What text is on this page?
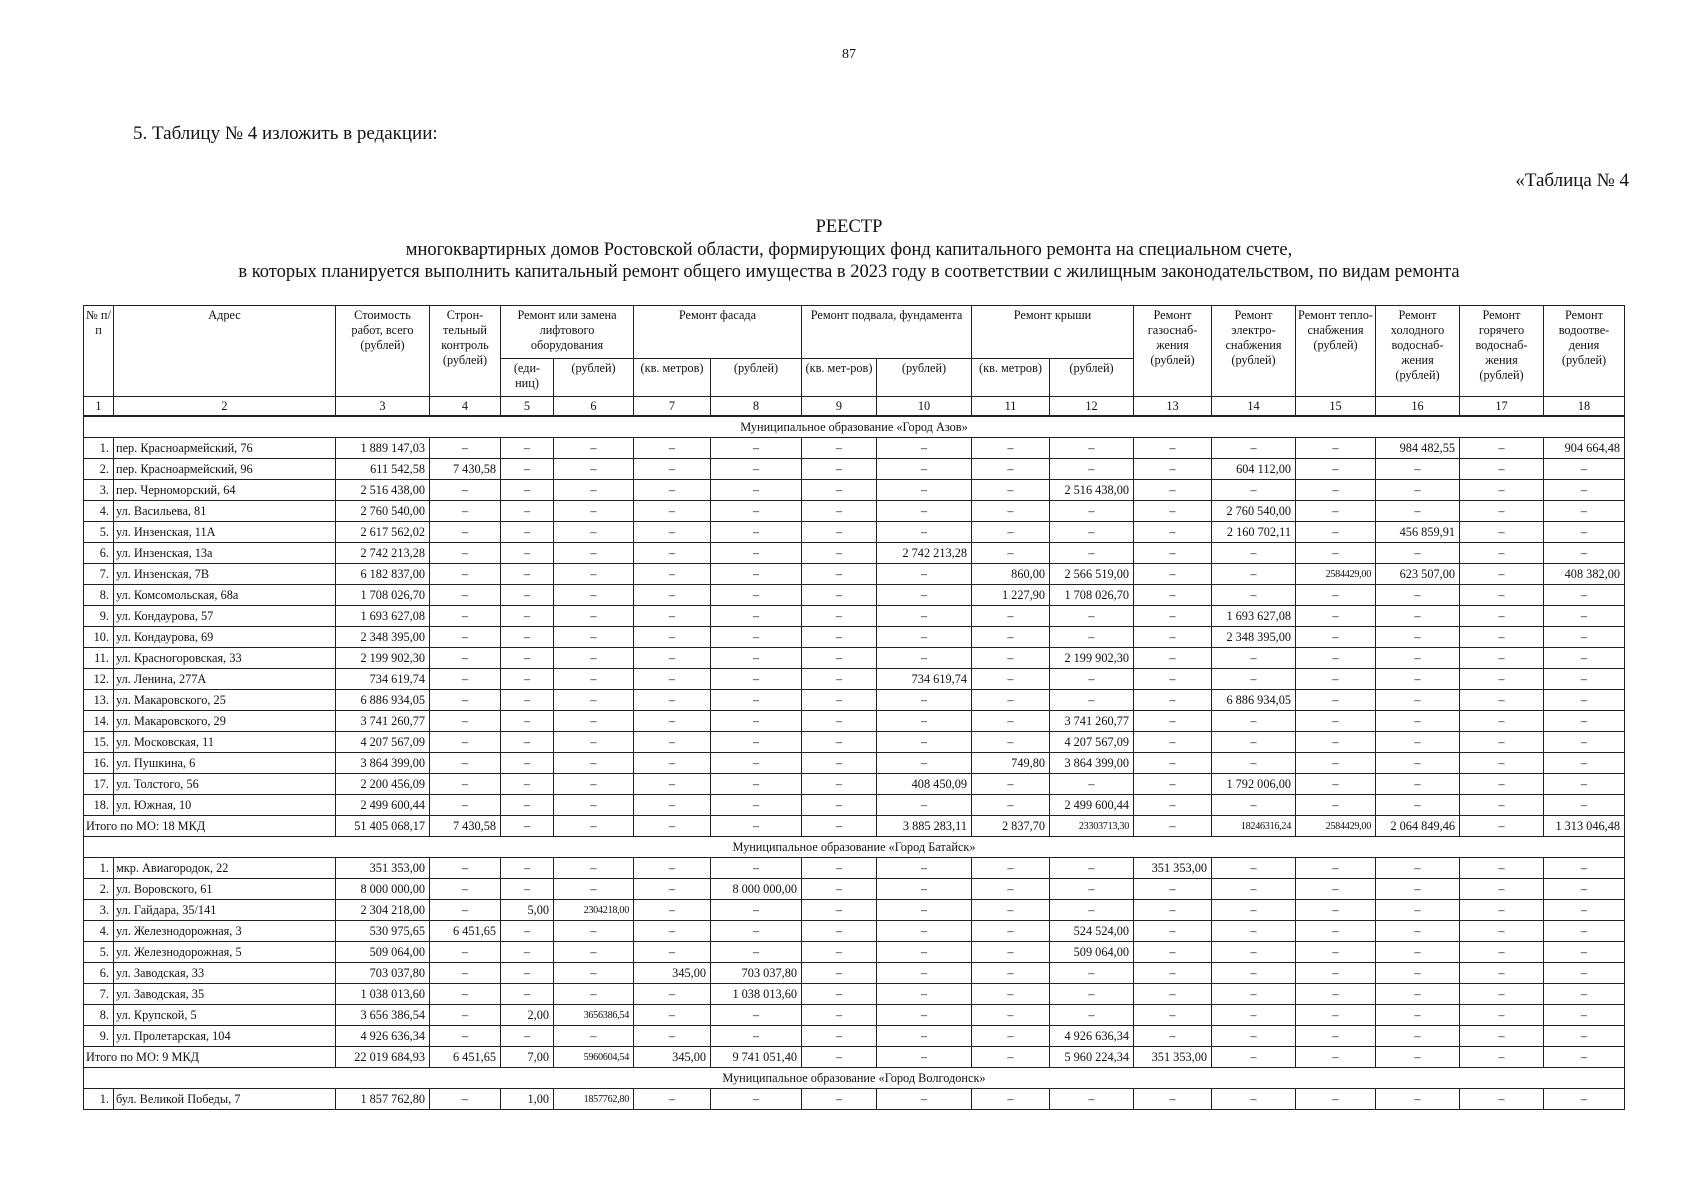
87
5. Таблицу № 4 изложить в редакции:
«Таблица № 4
РЕЕСТР
многоквартирных домов Ростовской области, формирующих фонд капитального ремонта на специальном счете,
в которых планируется выполнить капитальный ремонт общего имущества в 2023 году в соответствии с жилищным законодательством, по видам ремонта
№ п/п	Адрес	Стоимость работ, всего (рублей)	Строн-
тельный
контроль
(рублей)	Ремонт или замена лифтового оборудования		Ремонт фасада		Ремонт подвала, фундамента		Ремонт крыши		Ремонт газоснаб-жения (рублей)	Ремонт электро-снабжения (рублей)	Ремонт тепло-снабжения (рублей)	Ремонт холодного водоснаб-жения (рублей)	Ремонт горячего водоснаб-жения (рублей)	Ремонт водоотве-дения (рублей)
				(еди-ниц)	(рублей)	(кв. метров)	(рублей)	(кв. мет-ров)	(рублей)	(кв. метров)	(рублей)						
1	2	3	4	5	6	7	8	9	10	11	12	13	14	15	16	17	18
Муниципальное образование «Город Азов»																	
1.	пер. Красноармейский, 76	1 889 147,03	–	–	–	–	–	–	–	–	–	–	–	–	984 482,55	–	904 664,48
2.	пер. Красноармейский, 96	611 542,58	7 430,58	–	–	–	–	–	–	–	–	–	604 112,00	–	–	–	–
3.	пер. Черноморский, 64	2 516 438,00	–	–	–	–	–	–	–	–	2 516 438,00	–	–	–	–	–	–
4.	ул. Васильева, 81	2 760 540,00	–	–	–	–	–	–	–	–	–	–	2 760 540,00	–	–	–	–
5.	ул. Инзенская, 11А	2 617 562,02	–	–	–	–	–	–	–	–	–	–	2 160 702,11	–	456 859,91	–	–
6.	ул. Инзенская, 13а	2 742 213,28	–	–	–	–	–	–	2 742 213,28	–	–	–	–	–	–	–	–
7.	ул. Инзенская, 7В	6 182 837,00	–	–	–	–	–	–	–	860,00	2 566 519,00	–	–	2584429,00	623 507,00	–	408 382,00
8.	ул. Комсомольская, 68а	1 708 026,70	–	–	–	–	–	–	–	1 227,90	1 708 026,70	–	–	–	–	–	–
9.	ул. Кондаурова, 57	1 693 627,08	–	–	–	–	–	–	–	–	–	–	1 693 627,08	–	–	–	–
10.	ул. Кондаурова, 69	2 348 395,00	–	–	–	–	–	–	–	–	–	–	2 348 395,00	–	–	–	–
11.	ул. Красногоровская, 33	2 199 902,30	–	–	–	–	–	–	–	–	2 199 902,30	–	–	–	–	–	–
12.	ул. Ленина, 277А	734 619,74	–	–	–	–	–	–	734 619,74	–	–	–	–	–	–	–	–
13.	ул. Макаровского, 25	6 886 934,05	–	–	–	–	–	–	–	–	–	–	6 886 934,05	–	–	–	–
14.	ул. Макаровского, 29	3 741 260,77	–	–	–	–	–	–	–	–	3 741 260,77	–	–	–	–	–	–
15.	ул. Московская, 11	4 207 567,09	–	–	–	–	–	–	–	–	4 207 567,09	–	–	–	–	–	–
16.	ул. Пушкина, 6	3 864 399,00	–	–	–	–	–	–	–	749,80	3 864 399,00	–	–	–	–	–	–
17.	ул. Толстого, 56	2 200 456,09	–	–	–	–	–	–	408 450,09	–	–	–	1 792 006,00	–	–	–	–
18.	ул. Южная, 10	2 499 600,44	–	–	–	–	–	–	–	–	2 499 600,44	–	–	–	–	–	–
Итого по МО: 18 МКД		51 405 068,17	7 430,58	–	–	–	–	–	3 885 283,11	2 837,70	23303713,30	–	18246316,24	2584429,00	2 064 849,46	–	1 313 046,48
Муниципальное образование «Город Батайск»																	
1.	мкр. Авиагородок, 22	351 353,00	–	–	–	–	–	–	–	–	–	351 353,00	–	–	–	–	–
2.	ул. Воровского, 61	8 000 000,00	–	–	–	–	8 000 000,00	–	–	–	–	–	–	–	–	–	–
3.	ул. Гайдара, 35/141	2 304 218,00	–	5,00	2304218,00	–	–	–	–	–	–	–	–	–	–	–	–
4.	ул. Железнодорожная, 3	530 975,65	6 451,65	–	–	–	–	–	–	–	524 524,00	–	–	–	–	–	–
5.	ул. Железнодорожная, 5	509 064,00	–	–	–	–	–	–	–	–	509 064,00	–	–	–	–	–	–
6.	ул. Заводская, 33	703 037,80	–	–	–	345,00	703 037,80	–	–	–	–	–	–	–	–	–	–
7.	ул. Заводская, 35	1 038 013,60	–	–	–	–	1 038 013,60	–	–	–	–	–	–	–	–	–	–
8.	ул. Крупской, 5	3 656 386,54	–	2,00	3656386,54	–	–	–	–	–	–	–	–	–	–	–	–
9.	ул. Пролетарская, 104	4 926 636,34	–	–	–	–	–	–	–	–	4 926 636,34	–	–	–	–	–	–
Итого по МО: 9 МКД		22 019 684,93	6 451,65	7,00	5960604,54	345,00	9 741 051,40	–	–	–	5 960 224,34	351 353,00	–	–	–	–	–
Муниципальное образование «Город Волгодонск»																	
1.	бул. Великой Победы, 7	1 857 762,80	–	1,00	1857762,80	–	–	–	–	–	–	–	–	–	–	–	–
